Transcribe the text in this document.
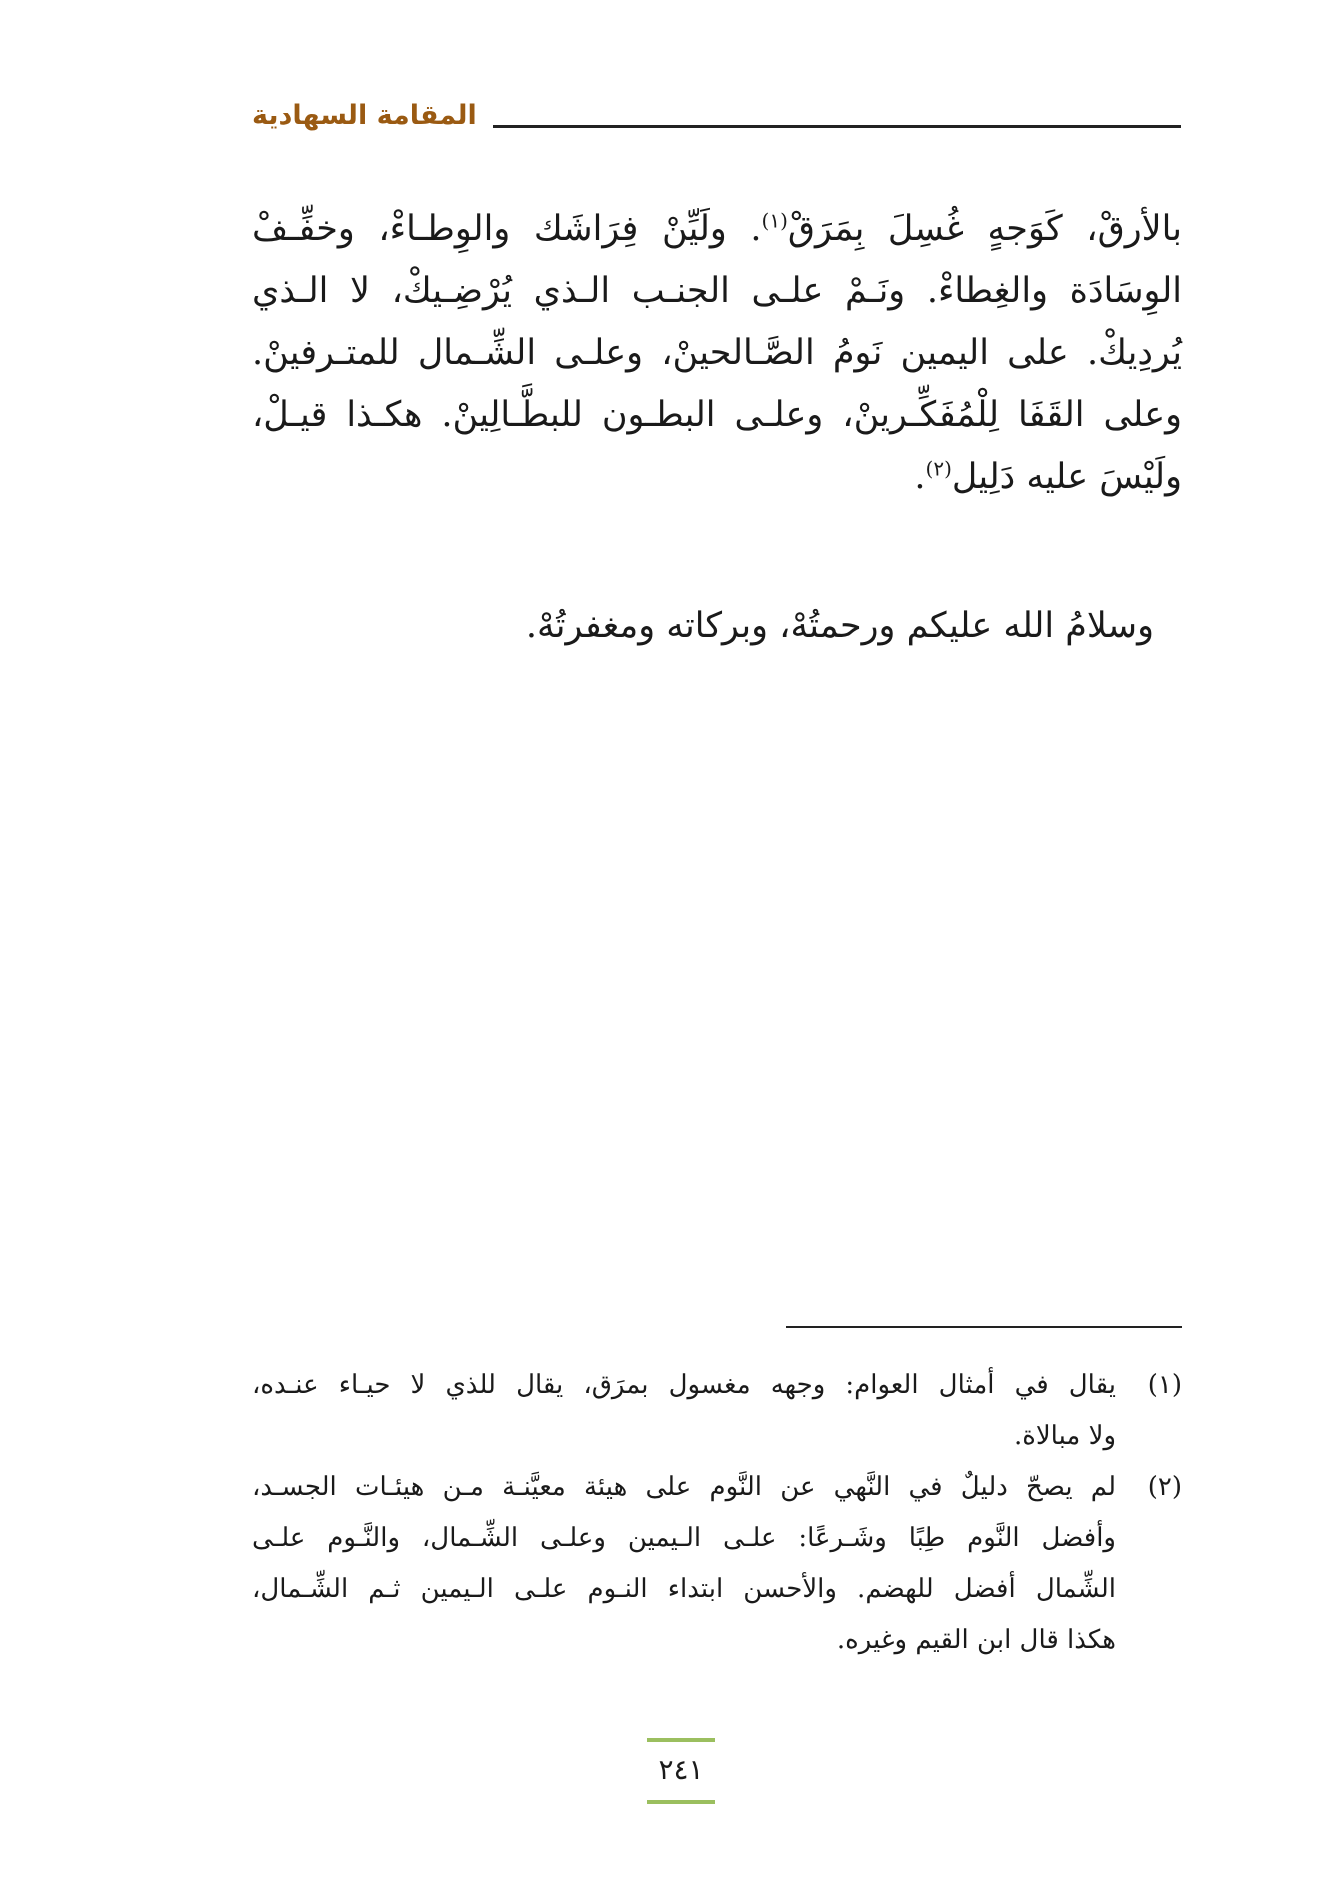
المقامة السهادية

بالأرقْ، كَوَجهٍ غُسِلَ بِمَرَقْ$^{(١)}$. ولَيِّنْ فِرَاشَك والوِطـاءْ، وخفِّـفْ

الوِسَادَة والغِطاءْ. ونَـمْ علـى الجنـب الـذي يُرْضِـيكْ، لا الـذي

يُردِيكْ. على اليمين نَومُ الصَّـالحينْ، وعلـى الشِّـمال للمتـرفينْ.

وعلى القَفَا لِلْمُفَكِّـرينْ، وعلـى البطـون للبطَّـالِينْ. هكـذا قيـلْ،

ولَيْسَ عليه دَلِيل$^{(٢)}$.

وسلامُ الله عليكم ورحمتُهْ، وبركاته ومغفرتُهْ.
(١)

يقال في أمثال العوام: وجهه مغسول بمرَق، يقال للذي لا حيـاء عنـده،

ولا مبالاة.

(٢)

لم يصحّ دليلٌ في النَّهي عن النَّوم على هيئة معيَّنـة مـن هيئـات الجسـد،

وأفضل النَّوم طِبًا وشَـرعًا: علـى الـيمين وعلـى الشِّـمال، والنَّـوم علـى

الشِّمال أفضل للهضم. والأحسن ابتداء النـوم علـى الـيمين ثـم الشِّـمال،

هكذا قال ابن القيم وغيره.

٢٤١
